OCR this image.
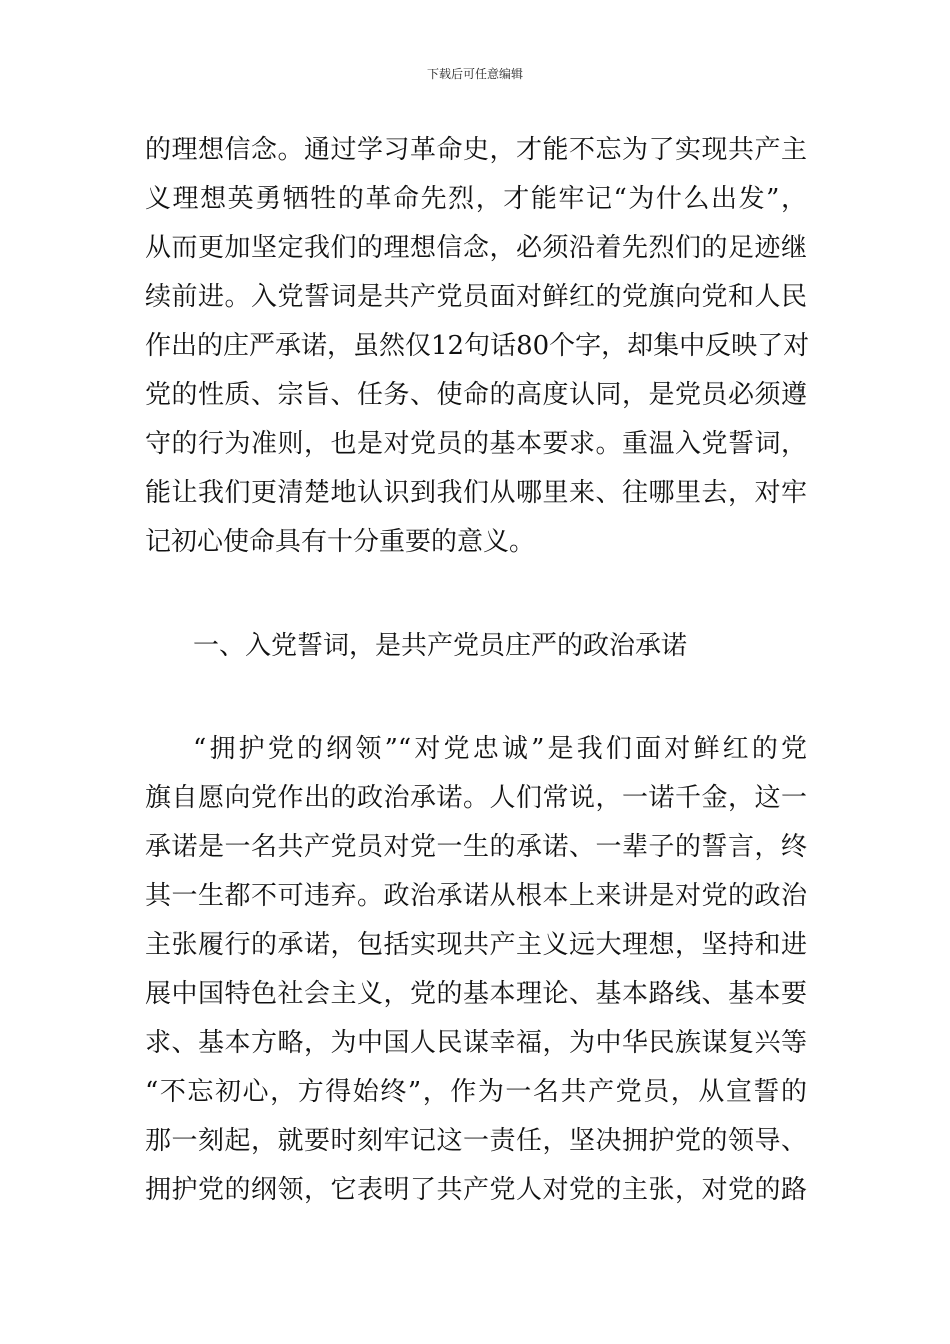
下载后可任意编辑
的理想信念。通过学习革命史，才能不忘为了实现共产主
义理想英勇牺牲的革命先烈，才能牢记“为什么出发”，
从而更加坚定我们的理想信念，必须沿着先烈们的足迹继
续前进。入党誓词是共产党员面对鲜红的党旗向党和人民
作出的庄严承诺，虽然仅12句话80个字，却集中反映了对
党的性质、宗旨、任务、使命的高度认同，是党员必须遵
守的行为准则，也是对党员的基本要求。重温入党誓词，
能让我们更清楚地认识到我们从哪里来、往哪里去，对牢
记初心使命具有十分重要的意义。
一、入党誓词，是共产党员庄严的政治承诺
“拥护党的纲领”“对党忠诚”是我们面对鲜红的党
旗自愿向党作出的政治承诺。人们常说，一诺千金，这一
承诺是一名共产党员对党一生的承诺、一辈子的誓言，终
其一生都不可违弃。政治承诺从根本上来讲是对党的政治
主张履行的承诺，包括实现共产主义远大理想，坚持和进
展中国特色社会主义，党的基本理论、基本路线、基本要
求、基本方略，为中国人民谋幸福，为中华民族谋复兴等
“不忘初心，方得始终”，作为一名共产党员，从宣誓的
那一刻起，就要时刻牢记这一责任，坚决拥护党的领导、
拥护党的纲领，它表明了共产党人对党的主张，对党的路
